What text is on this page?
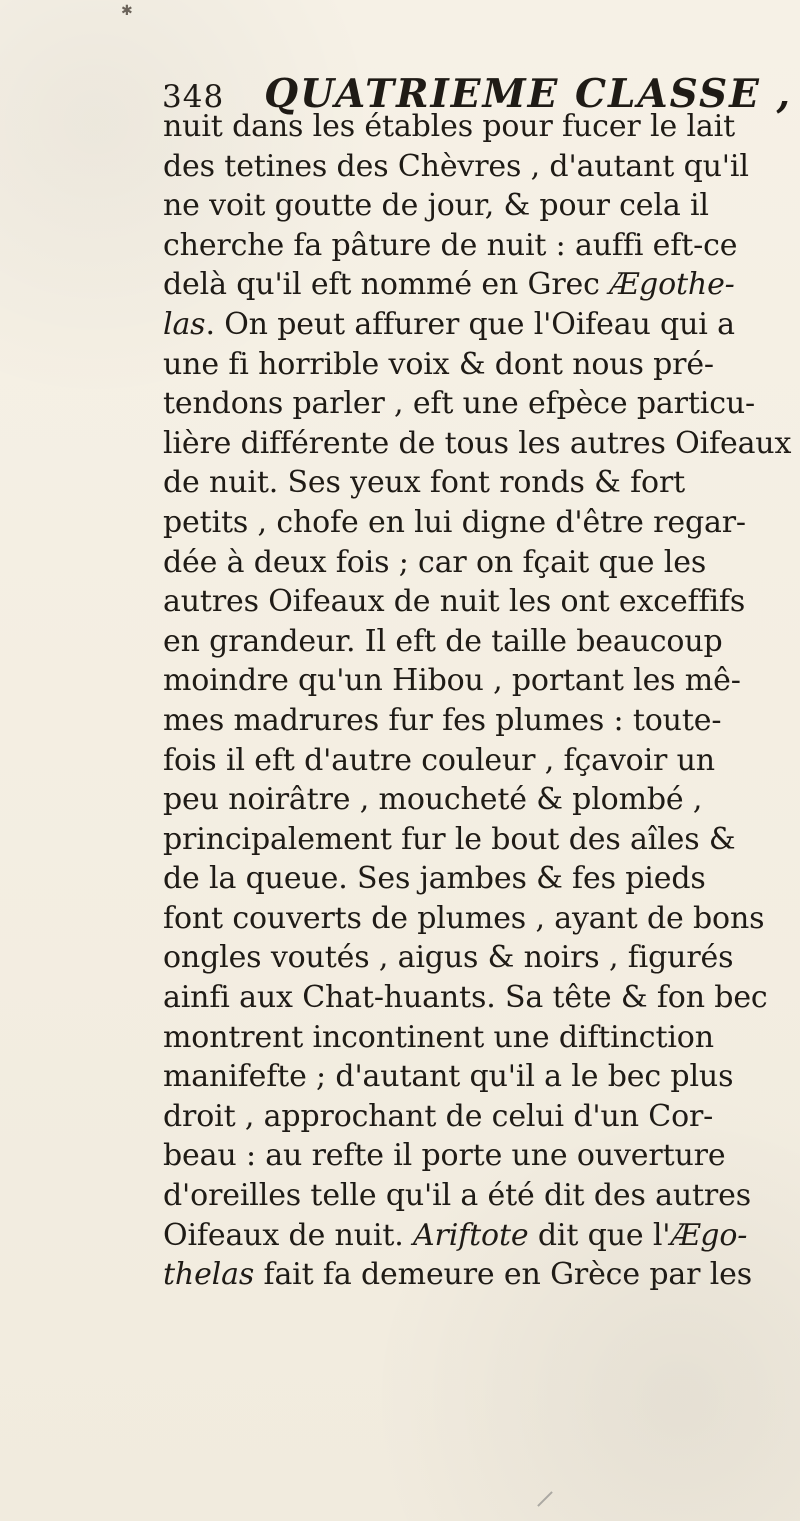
✱
348 QUATRIEME CLASSE ,
nuit dans les étables pour fucer le lait
des tetines des Chèvres , d'autant qu'il
ne voit goutte de jour, & pour cela il
cherche fa pâture de nuit : auffi eft-ce
delà qu'il eft nommé en Grec Ægothe-
las. On peut affurer que l'Oifeau qui a
une fi horrible voix & dont nous pré-
tendons parler , eft une efpèce particu-
lière différente de tous les autres Oifeaux
de nuit. Ses yeux font ronds & fort
petits , chofe en lui digne d'être regar-
dée à deux fois ; car on fçait que les
autres Oifeaux de nuit les ont exceffifs
en grandeur. Il eft de taille beaucoup
moindre qu'un Hibou , portant les mê-
mes madrures fur fes plumes : toute-
fois il eft d'autre couleur , fçavoir un
peu noirâtre , moucheté & plombé ,
principalement fur le bout des aîles &
de la queue. Ses jambes & fes pieds
font couverts de plumes , ayant de bons
ongles voutés , aigus & noirs , figurés
ainfi aux Chat-huants. Sa tête & fon bec
montrent incontinent une diftinction
manifefte ; d'autant qu'il a le bec plus
droit , approchant de celui d'un Cor-
beau : au refte il porte une ouverture
d'oreilles telle qu'il a été dit des autres
Oifeaux de nuit. Ariftote dit que l'Ægo-
thelas fait fa demeure en Grèce par les
